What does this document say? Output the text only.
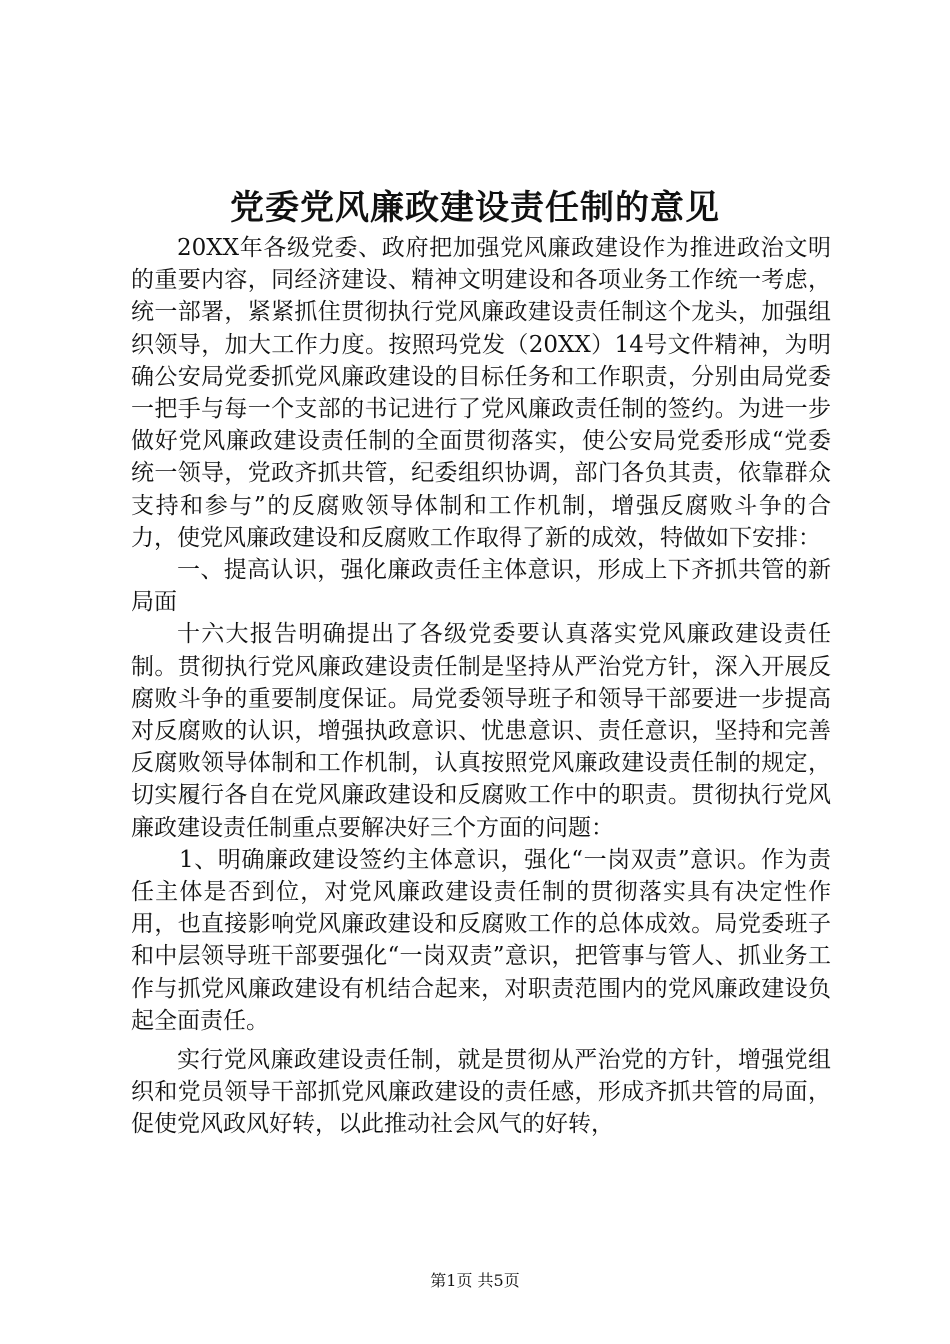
党委党风廉政建设责任制的意见

20XX年各级党委、政府把加强党风廉政建设作为推进政治文明的重要内容，同经济建设、精神文明建设和各项业务工作统一考虑，统一部署，紧紧抓住贯彻执行党风廉政建设责任制这个龙头，加强组织领导，加大工作力度。按照玛党发（20XX）14号文件精神，为明确公安局党委抓党风廉政建设的目标任务和工作职责，分别由局党委一把手与每一个支部的书记进行了党风廉政责任制的签约。为进一步做好党风廉政建设责任制的全面贯彻落实，使公安局党委形成“党委统一领导，党政齐抓共管，纪委组织协调，部门各负其责，依靠群众支持和参与”的反腐败领导体制和工作机制，增强反腐败斗争的合力，使党风廉政建设和反腐败工作取得了新的成效，特做如下安排：

一、提高认识，强化廉政责任主体意识，形成上下齐抓共管的新局面

十六大报告明确提出了各级党委要认真落实党风廉政建设责任制。贯彻执行党风廉政建设责任制是坚持从严治党方针，深入开展反腐败斗争的重要制度保证。局党委领导班子和领导干部要进一步提高对反腐败的认识，增强执政意识、忧患意识、责任意识，坚持和完善反腐败领导体制和工作机制，认真按照党风廉政建设责任制的规定，切实履行各自在党风廉政建设和反腐败工作中的职责。贯彻执行党风廉政建设责任制重点要解决好三个方面的问题：

1、明确廉政建设签约主体意识，强化“一岗双责”意识。作为责任主体是否到位，对党风廉政建设责任制的贯彻落实具有决定性作用，也直接影响党风廉政建设和反腐败工作的总体成效。局党委班子和中层领导班干部要强化“一岗双责”意识，把管事与管人、抓业务工作与抓党风廉政建设有机结合起来，对职责范围内的党风廉政建设负起全面责任。

实行党风廉政建设责任制，就是贯彻从严治党的方针，增强党组织和党员领导干部抓党风廉政建设的责任感，形成齐抓共管的局面，促使党风政风好转，以此推动社会风气的好转，

第1页 共5页
